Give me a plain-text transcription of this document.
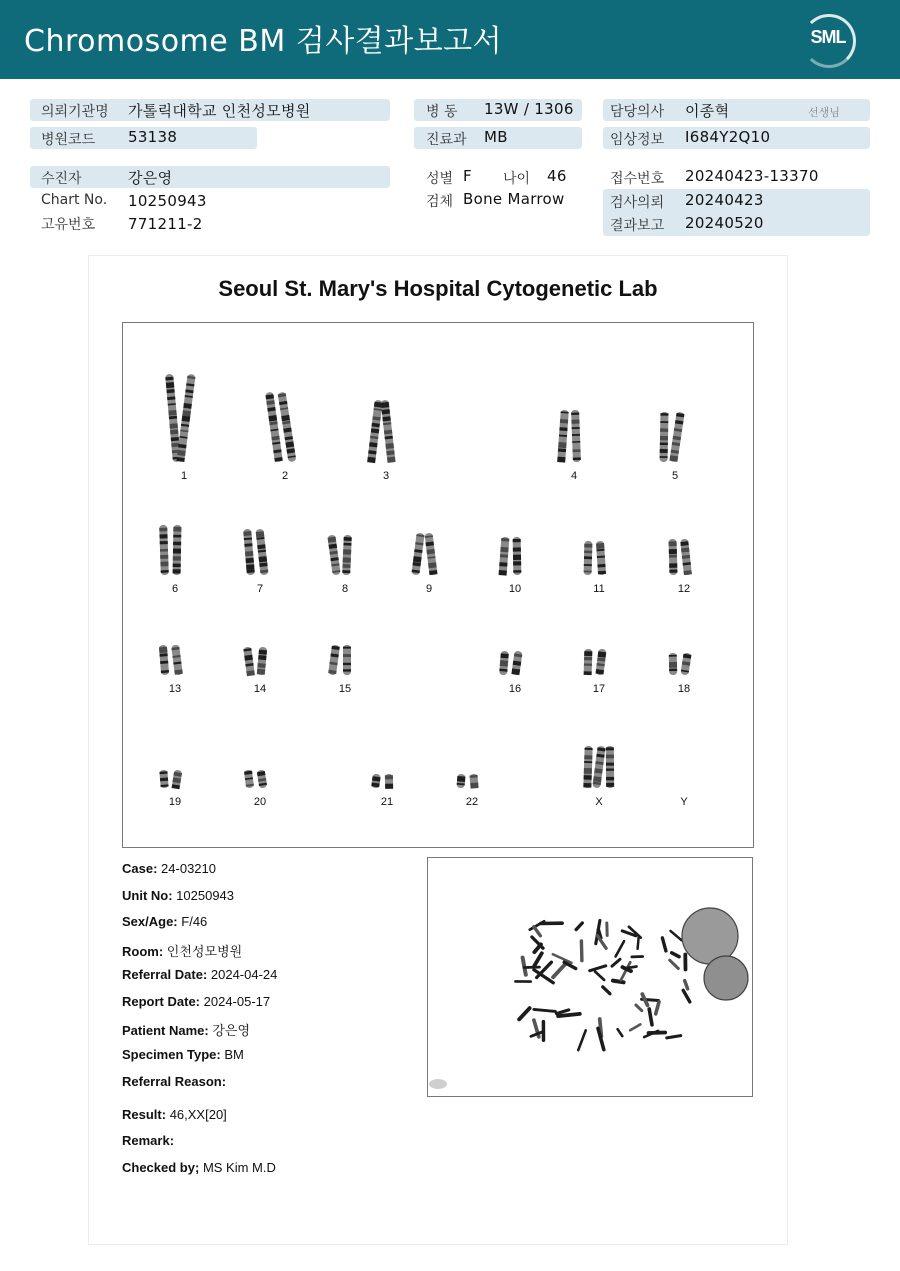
Chromosome BM 검사결과보고서	SML
의뢰기관명 가톨릭대학교 인천성모병원
병원코드 53138
수진자	강은영
Chart No. 10250943
고유번호 771211-2
병 동 13W / 1306
진료과 MB
성별 F 나이 46
검체 Bone Marrow
담당의사 이종혁	선생님
임상정보 I684Y2Q10
접수번호 20240423-13370
검사의뢰 20240423
결과보고 20240520
Seoul St. Mary's Hospital Cytogenetic Lab
1	2	3	4	5
6	7	8	9	10	11	12
13	14	15	16	17	18
19	20	21	22	X	Y
Case: 24-03210
Unit No: 10250943
Sex/Age: F/46
Room: 인천성모병원
Referral Date: 2024-04-24
Report Date: 2024-05-17
Patient Name: 강은영
Specimen Type: BM
Referral Reason:
Result: 46,XX[20]
Remark:
Checked by; MS Kim M.D
